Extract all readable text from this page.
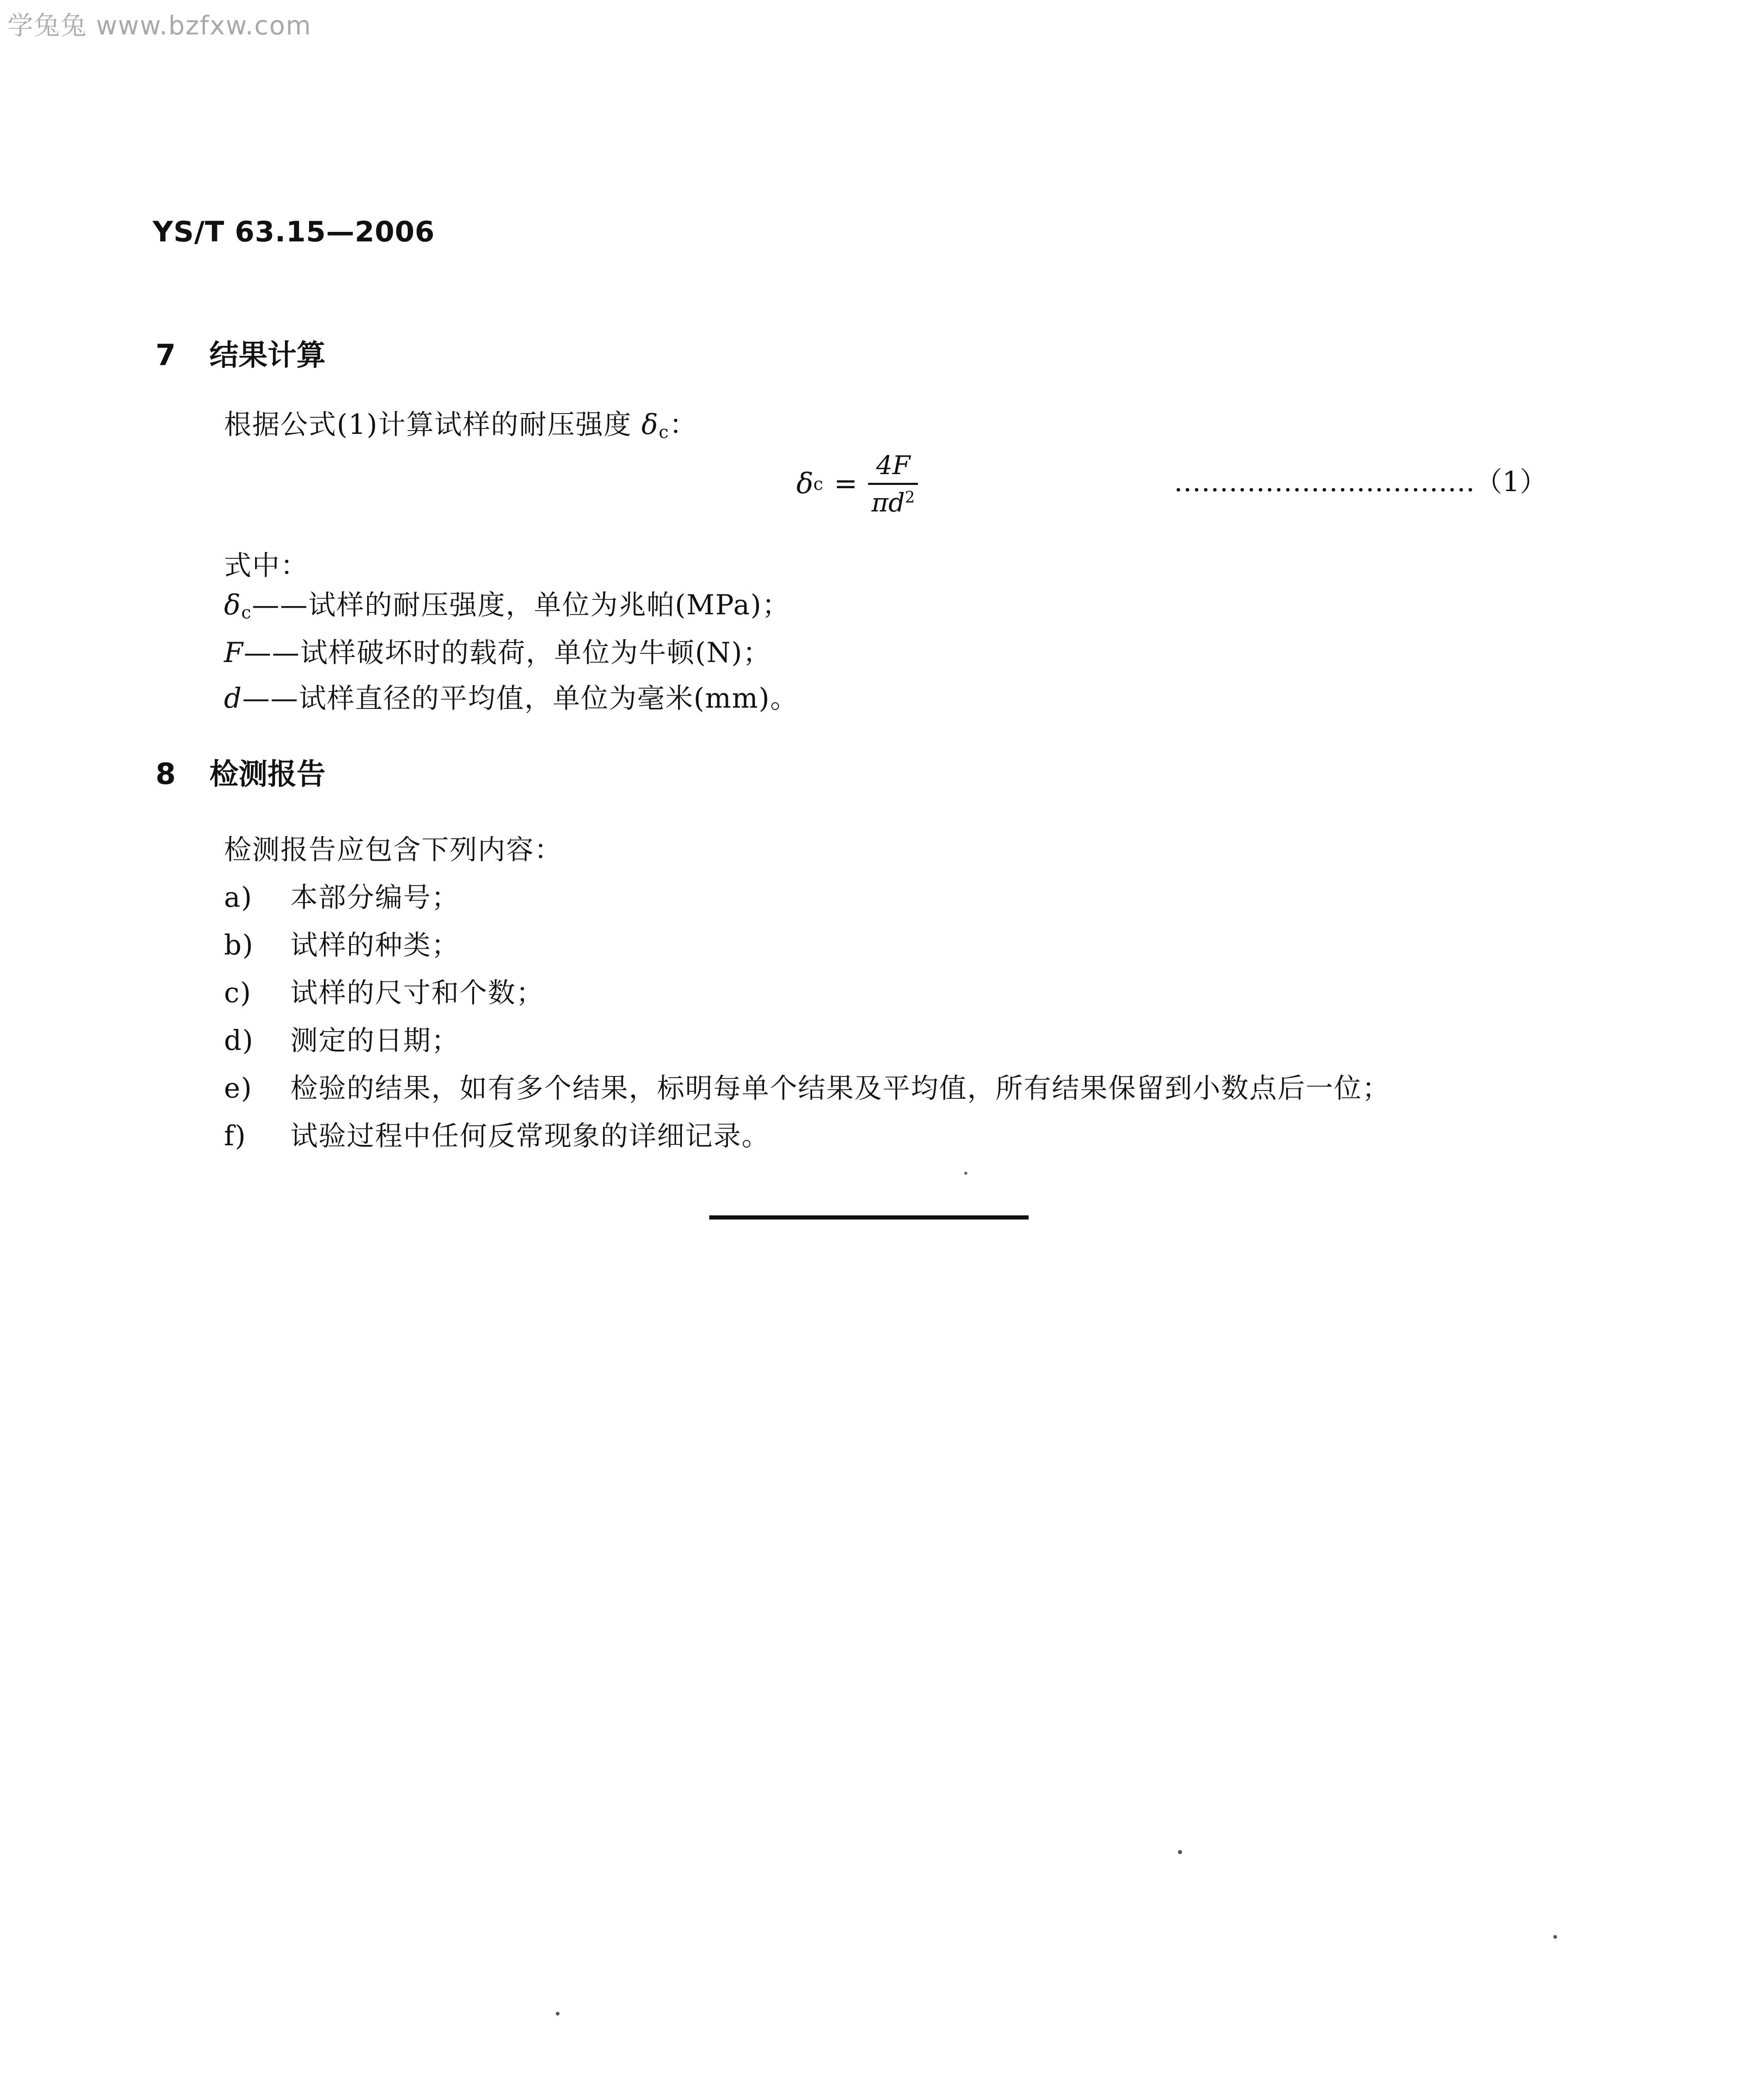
学兔兔 www.bzfxw.com
YS/T 63.15—2006
7 结果计算
根据公式(1)计算试样的耐压强度 δc：
δ c =
4F
$\pi d^2$	……………………………（1）
式中：
δc——试样的耐压强度，单位为兆帕(MPa)；
F——试样破坏时的载荷，单位为牛顿(N)；
d——试样直径的平均值，单位为毫米(mm)。
8 检测报告
检测报告应包含下列内容：
a) 本部分编号；
b) 试样的种类；
c) 试样的尺寸和个数；
d) 测定的日期；
e) 检验的结果，如有多个结果，标明每单个结果及平均值，所有结果保留到小数点后一位；
f) 试验过程中任何反常现象的详细记录。
